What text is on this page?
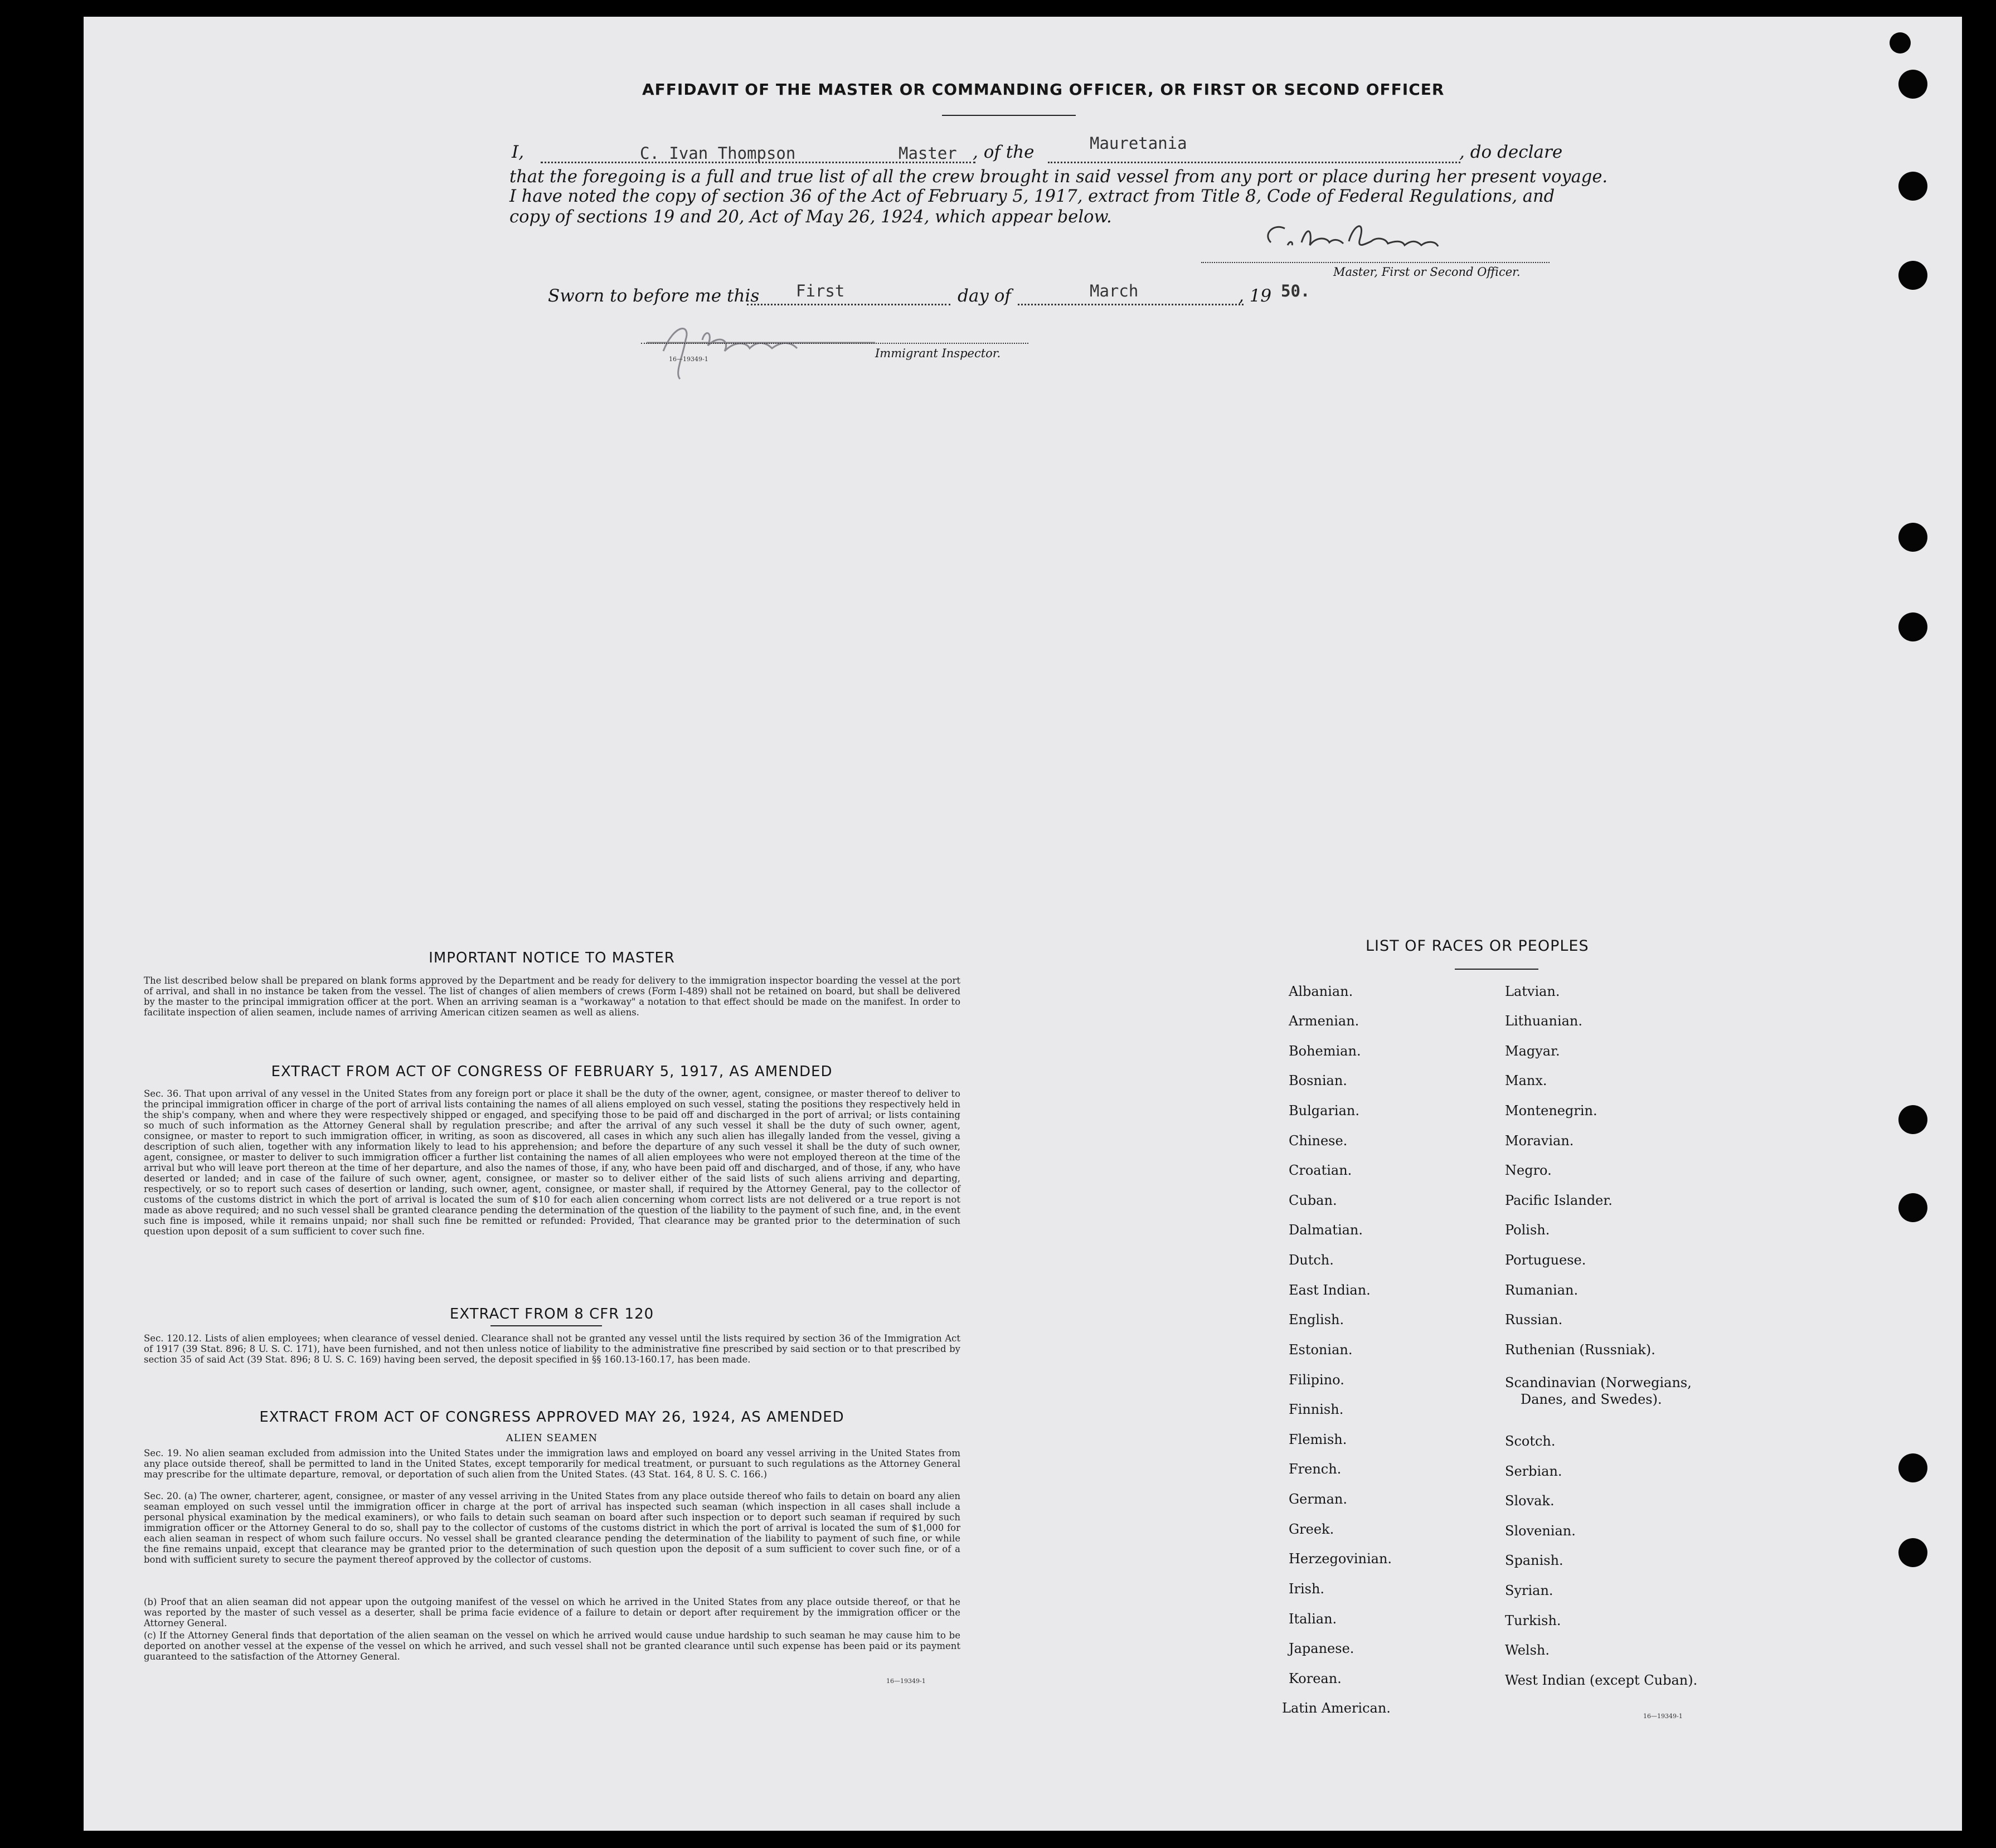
AFFIDAVIT OF THE MASTER OR COMMANDING OFFICER, OR FIRST OR SECOND OFFICER
I,	C. Ivan Thompson	Master , of the	Mauretania	, do declare
that the foregoing is a full and true list of all the crew brought in said vessel from any port or place during her present voyage.
I have noted the copy of section 36 of the Act of February 5, 1917, extract from Title 8, Code of Federal Regulations, and
copy of sections 19 and 20, Act of May 26, 1924, which appear below.
Master, First or Second Officer.
Sworn to before me this First	day of	March	, 19 50.
16—19349-1	Immigrant Inspector.
IMPORTANT NOTICE TO MASTER
The list described below shall be prepared on blank forms approved by the Department and be ready for delivery to the immigration inspector boarding the vessel at the port of arrival, and shall in no instance be taken from the vessel. The list of changes of alien members of crews (Form I-489) shall not be retained on board, but shall be delivered by the master to the principal immigration officer at the port. When an arriving seaman is a "workaway" a notation to that effect should be made on the manifest. In order to facilitate inspection of alien seamen, include names of arriving American citizen seamen as well as aliens.
EXTRACT FROM ACT OF CONGRESS OF FEBRUARY 5, 1917, AS AMENDED
Sec. 36. That upon arrival of any vessel in the United States from any foreign port or place it shall be the duty of the owner, agent, consignee, or master thereof to deliver to the principal immigration officer in charge of the port of arrival lists containing the names of all aliens employed on such vessel, stating the positions they respectively held in the ship's company, when and where they were respectively shipped or engaged, and specifying those to be paid off and discharged in the port of arrival; or lists containing so much of such information as the Attorney General shall by regulation prescribe; and after the arrival of any such vessel it shall be the duty of such owner, agent, consignee, or master to report to such immigration officer, in writing, as soon as discovered, all cases in which any such alien has illegally landed from the vessel, giving a description of such alien, together with any information likely to lead to his apprehension; and before the departure of any such vessel it shall be the duty of such owner, agent, consignee, or master to deliver to such immigration officer a further list containing the names of all alien employees who were not employed thereon at the time of the arrival but who will leave port thereon at the time of her departure, and also the names of those, if any, who have been paid off and discharged, and of those, if any, who have deserted or landed; and in case of the failure of such owner, agent, consignee, or master so to deliver either of the said lists of such aliens arriving and departing, respectively, or so to report such cases of desertion or landing, such owner, agent, consignee, or master shall, if required by the Attorney General, pay to the collector of customs of the customs district in which the port of arrival is located the sum of $10 for each alien concerning whom correct lists are not delivered or a true report is not made as above required; and no such vessel shall be granted clearance pending the determination of the question of the liability to the payment of such fine, and, in the event such fine is imposed, while it remains unpaid; nor shall such fine be remitted or refunded: Provided, That clearance may be granted prior to the determination of such question upon deposit of a sum sufficient to cover such fine.
EXTRACT FROM 8 CFR 120
Sec. 120.12. Lists of alien employees; when clearance of vessel denied. Clearance shall not be granted any vessel until the lists required by section 36 of the Immigration Act of 1917 (39 Stat. 896; 8 U. S. C. 171), have been furnished, and not then unless notice of liability to the administrative fine prescribed by said section or to that prescribed by section 35 of said Act (39 Stat. 896; 8 U. S. C. 169) having been served, the deposit specified in §§ 160.13-160.17, has been made.
EXTRACT FROM ACT OF CONGRESS APPROVED MAY 26, 1924, AS AMENDED
ALIEN SEAMEN
Sec. 19. No alien seaman excluded from admission into the United States under the immigration laws and employed on board any vessel arriving in the United States from any place outside thereof, shall be permitted to land in the United States, except temporarily for medical treatment, or pursuant to such regulations as the Attorney General may prescribe for the ultimate departure, removal, or deportation of such alien from the United States. (43 Stat. 164, 8 U. S. C. 166.)
Sec. 20. (a) The owner, charterer, agent, consignee, or master of any vessel arriving in the United States from any place outside thereof who fails to detain on board any alien seaman employed on such vessel until the immigration officer in charge at the port of arrival has inspected such seaman (which inspection in all cases shall include a personal physical examination by the medical examiners), or who fails to detain such seaman on board after such inspection or to deport such seaman if required by such immigration officer or the Attorney General to do so, shall pay to the collector of customs of the customs district in which the port of arrival is located the sum of $1,000 for each alien seaman in respect of whom such failure occurs. No vessel shall be granted clearance pending the determination of the liability to payment of such fine, or while the fine remains unpaid, except that clearance may be granted prior to the determination of such question upon the deposit of a sum sufficient to cover such fine, or of a bond with sufficient surety to secure the payment thereof approved by the collector of customs.
(b) Proof that an alien seaman did not appear upon the outgoing manifest of the vessel on which he arrived in the United States from any place outside thereof, or that he was reported by the master of such vessel as a deserter, shall be prima facie evidence of a failure to detain or deport after requirement by the immigration officer or the Attorney General.
(c) If the Attorney General finds that deportation of the alien seaman on the vessel on which he arrived would cause undue hardship to such seaman he may cause him to be deported on another vessel at the expense of the vessel on which he arrived, and such vessel shall not be granted clearance until such expense has been paid or its payment guaranteed to the satisfaction of the Attorney General.
16—19349-1
LIST OF RACES OR PEOPLES
Albanian.
Armenian.
Bohemian.
Bosnian.
Bulgarian.
Chinese.
Croatian.
Cuban.
Dalmatian.
Dutch.
East Indian.
English.
Estonian.
Filipino.
Finnish.
Flemish.
French.
German.
Greek.
Herzegovinian.
Irish.
Italian.
Japanese.
Korean.
Latin American.
Latvian.
Lithuanian.
Magyar.
Manx.
Montenegrin.
Moravian.
Negro.
Pacific Islander.
Polish.
Portuguese.
Rumanian.
Russian.
Ruthenian (Russniak).
Scandinavian (Norwegians,
Danes, and Swedes).
Scotch.
Serbian.
Slovak.
Slovenian.
Spanish.
Syrian.
Turkish.
Welsh.
West Indian (except Cuban).
16—19349-1
